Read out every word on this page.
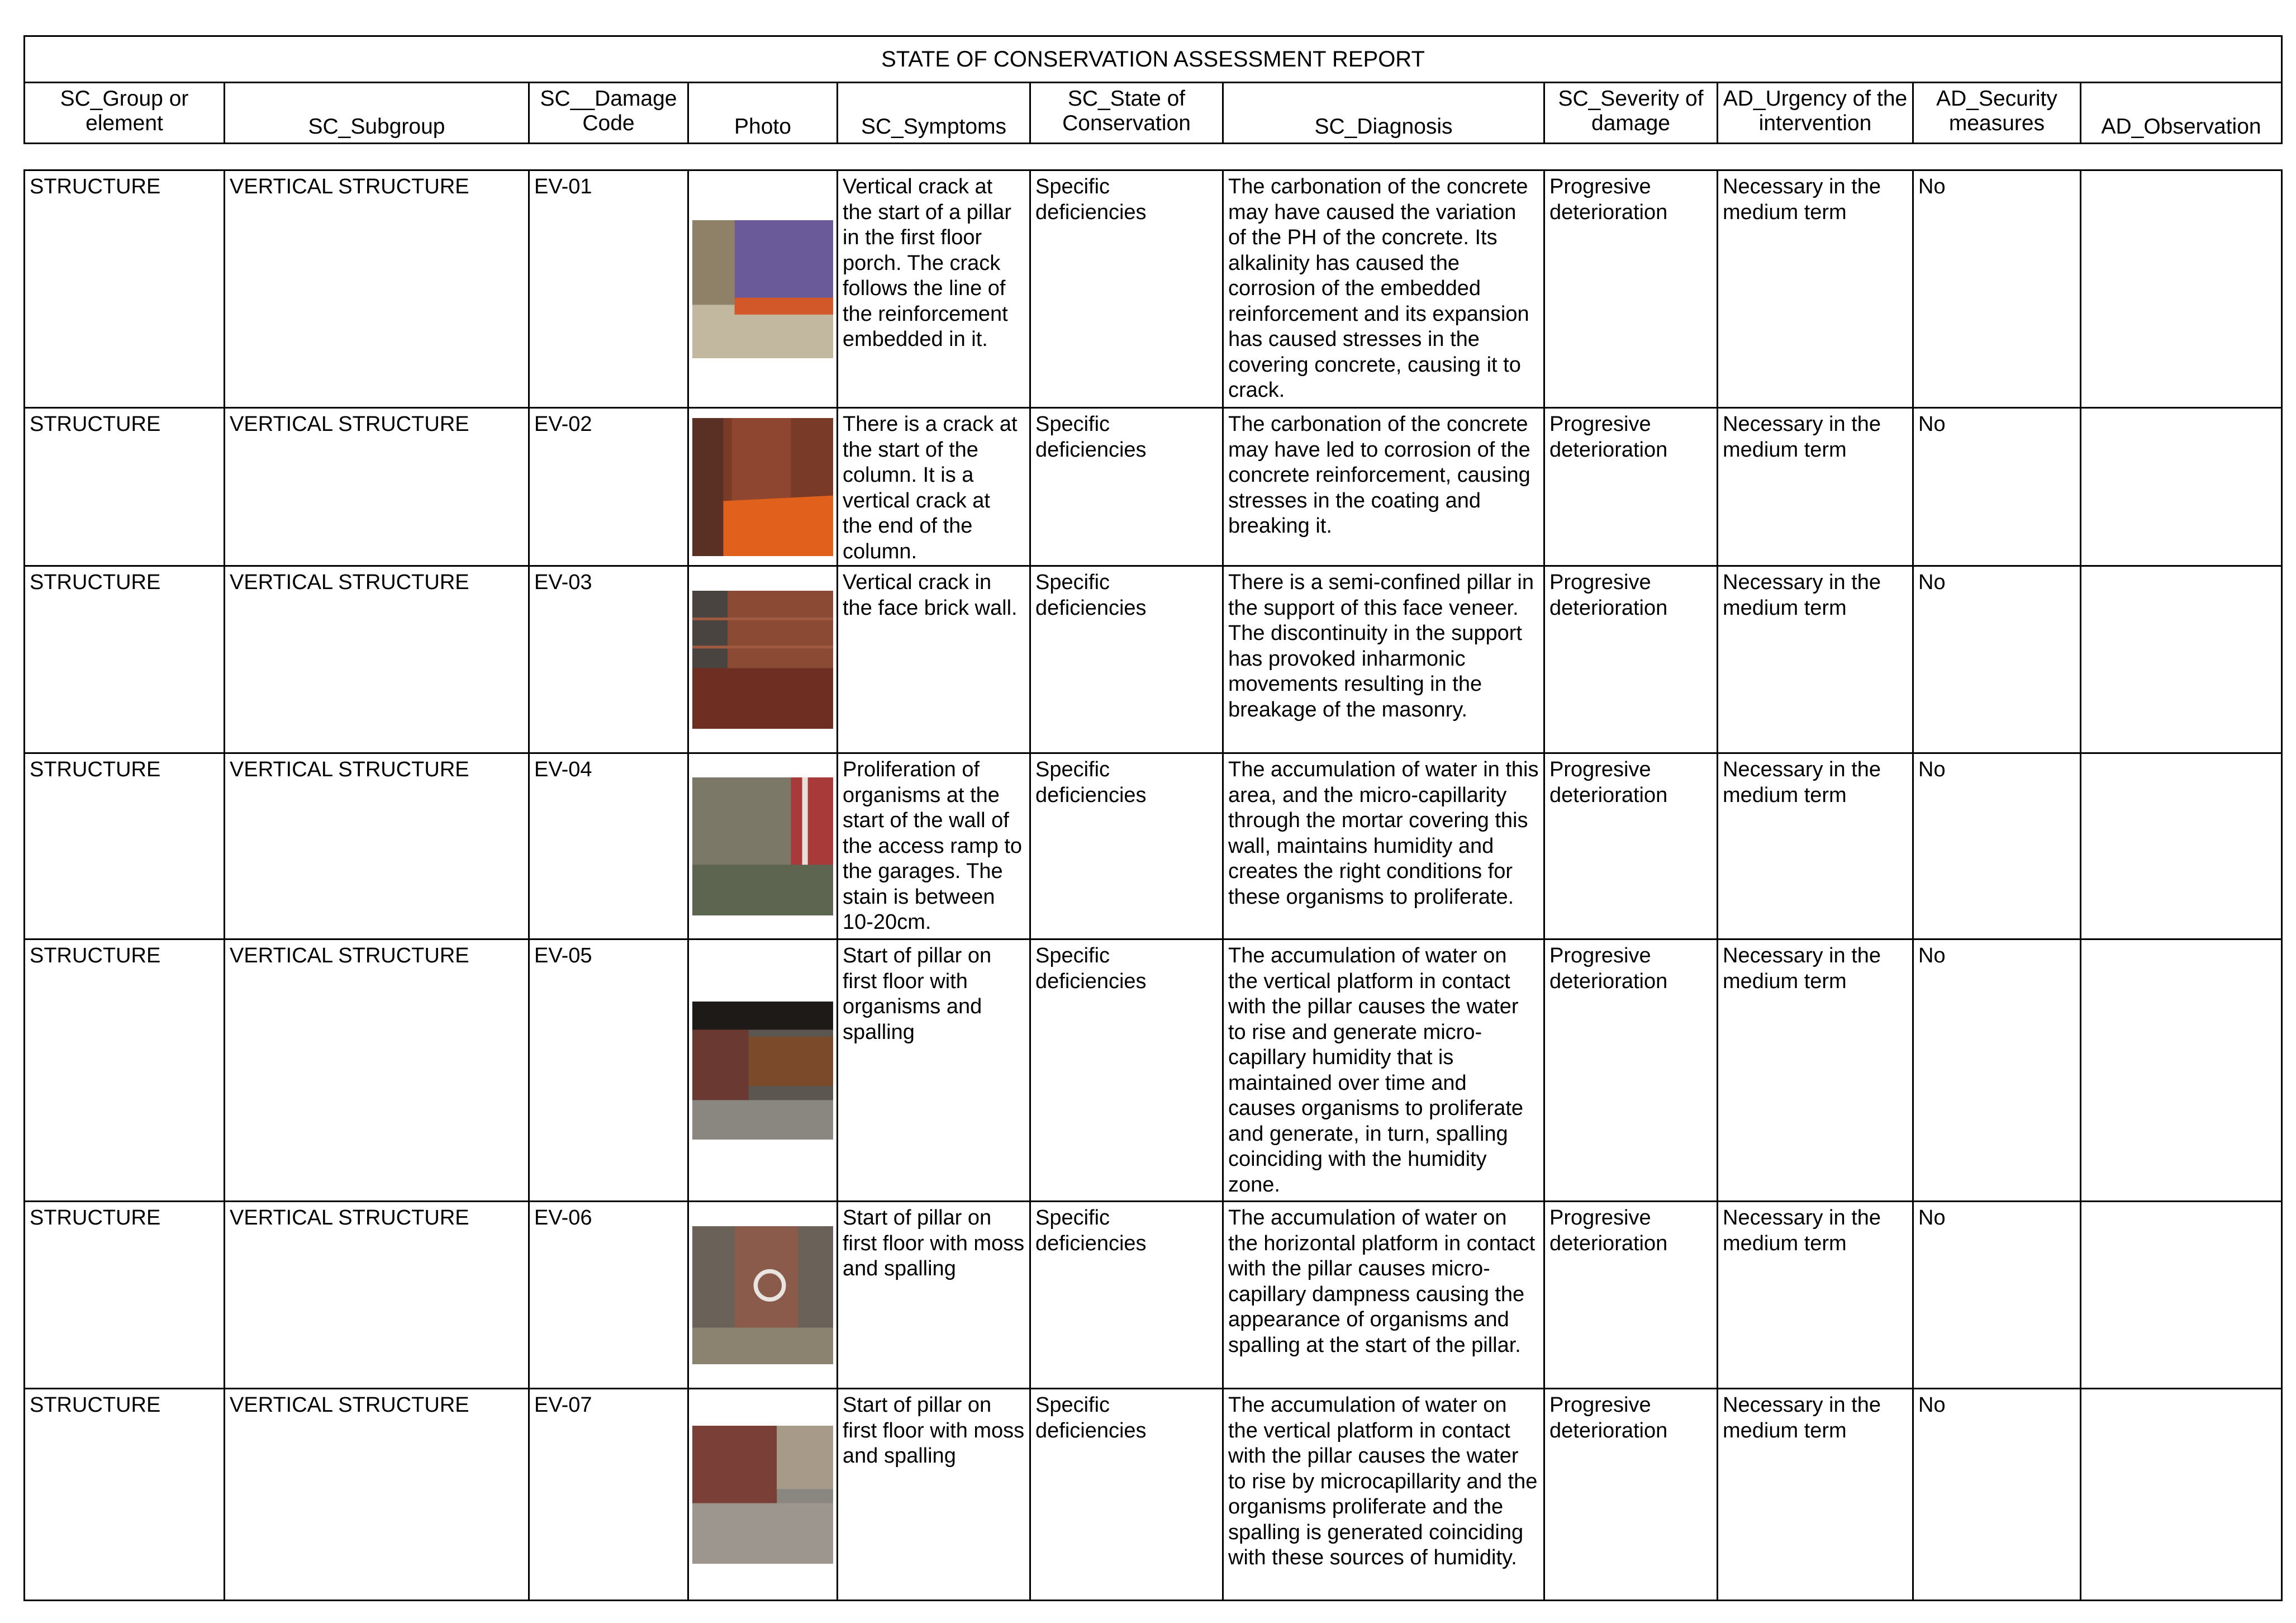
STATE OF CONSERVATION ASSESSMENT REPORT
SC_Group or element	SC_Subgroup	SC__Damage Code	Photo	SC_Symptoms	SC_State of Conservation	SC_Diagnosis	SC_Severity of damage	AD_Urgency of the intervention	AD_Security measures	AD_Observation
STRUCTURE	VERTICAL STRUCTURE	EV-01		Vertical crack at the start of a pillar in the first floor porch. The crack follows the line of the reinforcement embedded in it.	Specific deficiencies	The carbonation of the concrete may have caused the variation of the PH of the concrete. Its alkalinity has caused the corrosion of the embedded reinforcement and its expansion has caused stresses in the covering concrete, causing it to crack.	Progresive deterioration	Necessary in the medium term	No	
STRUCTURE	VERTICAL STRUCTURE	EV-02		There is a crack at the start of the column. It is a vertical crack at the end of the column.	Specific deficiencies	The carbonation of the concrete may have led to corrosion of the concrete reinforcement, causing stresses in the coating and breaking it.	Progresive deterioration	Necessary in the medium term	No	
STRUCTURE	VERTICAL STRUCTURE	EV-03		Vertical crack in the face brick wall.	Specific deficiencies	There is a semi-confined pillar in the support of this face veneer. The discontinuity in the support has provoked inharmonic movements resulting in the breakage of the masonry.	Progresive deterioration	Necessary in the medium term	No	
STRUCTURE	VERTICAL STRUCTURE	EV-04		Proliferation of organisms at the start of the wall of the access ramp to the garages. The stain is between 10-20cm.	Specific deficiencies	The accumulation of water in this area, and the micro-capillarity through the mortar covering this wall, maintains humidity and creates the right conditions for these organisms to proliferate.	Progresive deterioration	Necessary in the medium term	No	
STRUCTURE	VERTICAL STRUCTURE	EV-05		Start of pillar on first floor with organisms and spalling	Specific deficiencies	The accumulation of water on the vertical platform in contact with the pillar causes the water to rise and generate micro-capillary humidity that is maintained over time and causes organisms to proliferate and generate, in turn, spalling coinciding with the humidity zone.	Progresive deterioration	Necessary in the medium term	No	
STRUCTURE	VERTICAL STRUCTURE	EV-06		Start of pillar on first floor with moss and spalling	Specific deficiencies	The accumulation of water on the horizontal platform in contact with the pillar causes micro-capillary dampness causing the appearance of organisms and spalling at the start of the pillar.	Progresive deterioration	Necessary in the medium term	No	
STRUCTURE	VERTICAL STRUCTURE	EV-07		Start of pillar on first floor with moss and spalling	Specific deficiencies	The accumulation of water on the vertical platform in contact with the pillar causes the water to rise by microcapillarity and the organisms proliferate and the spalling is generated coinciding with these sources of humidity.	Progresive deterioration	Necessary in the medium term	No	
